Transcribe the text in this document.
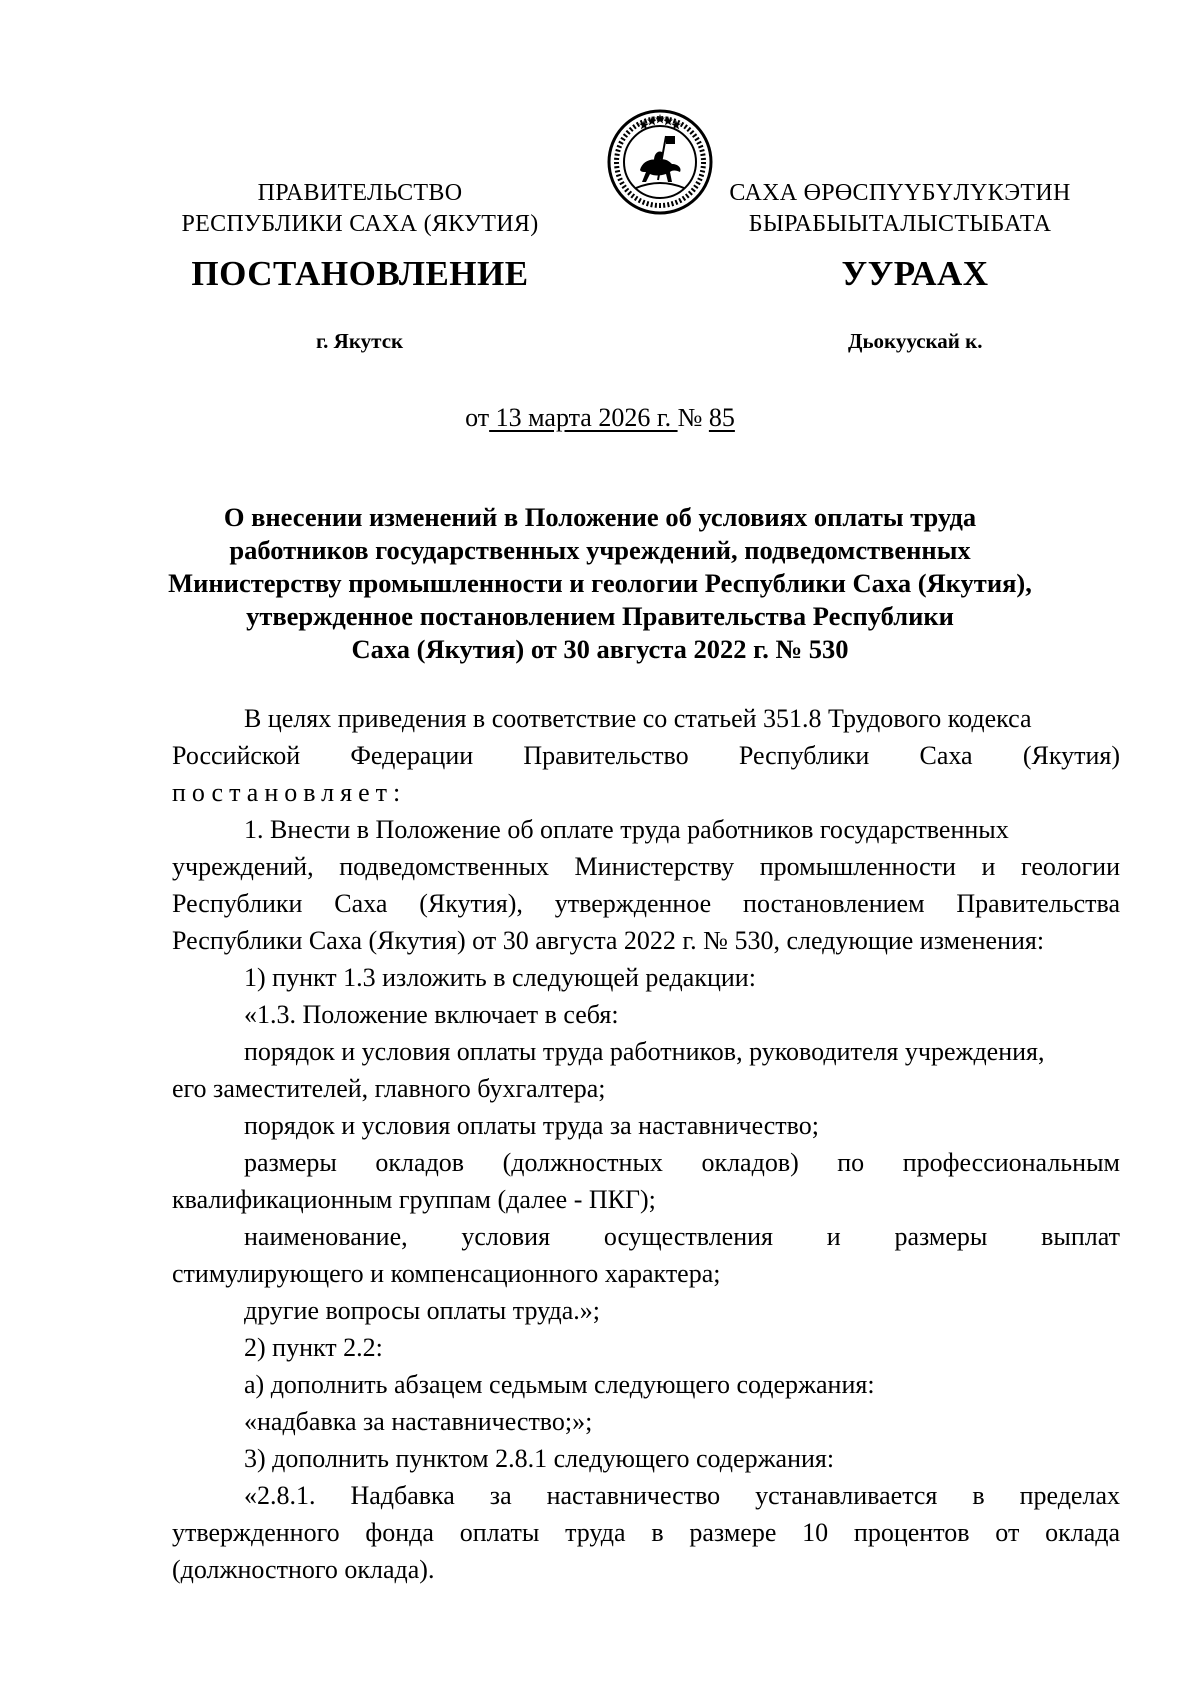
ПРАВИТЕЛЬСТВО
РЕСПУБЛИКИ САХА (ЯКУТИЯ)
САХА ӨРӨСПҮҮБҮЛҮКЭТИН
БЫРАБЫЫТАЛЫСТЫБАТА
ПОСТАНОВЛЕНИЕ	УУРААХ
г. Якутск	Дьокуускай к.
от 13 марта 2026 г. № 85
О внесении изменений в Положение об условиях оплаты труда
работников государственных учреждений, подведомственных
Министерству промышленности и геологии Республики Саха (Якутия),
утвержденное постановлением Правительства Республики
Саха (Якутия) от 30 августа 2022 г. № 530
В целях приведения в соответствие со статьей 351.8 Трудового кодекса
Российской Федерации Правительство Республики Саха (Якутия)
постановляет:
1. Внести в Положение об оплате труда работников государственных
учреждений, подведомственных Министерству промышленности и геологии
Республики Саха (Якутия), утвержденное постановлением Правительства
Республики Саха (Якутия) от 30 августа 2022 г. № 530, следующие изменения:
1) пункт 1.3 изложить в следующей редакции:
«1.3. Положение включает в себя:
порядок и условия оплаты труда работников, руководителя учреждения,
его заместителей, главного бухгалтера;
порядок и условия оплаты труда за наставничество;
размеры окладов (должностных окладов) по профессиональным
квалификационным группам (далее - ПКГ);
наименование, условия осуществления и размеры выплат
стимулирующего и компенсационного характера;
другие вопросы оплаты труда.»;
2) пункт 2.2:
а) дополнить абзацем седьмым следующего содержания:
«надбавка за наставничество;»;
3) дополнить пунктом 2.8.1 следующего содержания:
«2.8.1. Надбавка за наставничество устанавливается в пределах
утвержденного фонда оплаты труда в размере 10 процентов от оклада
(должностного оклада).
